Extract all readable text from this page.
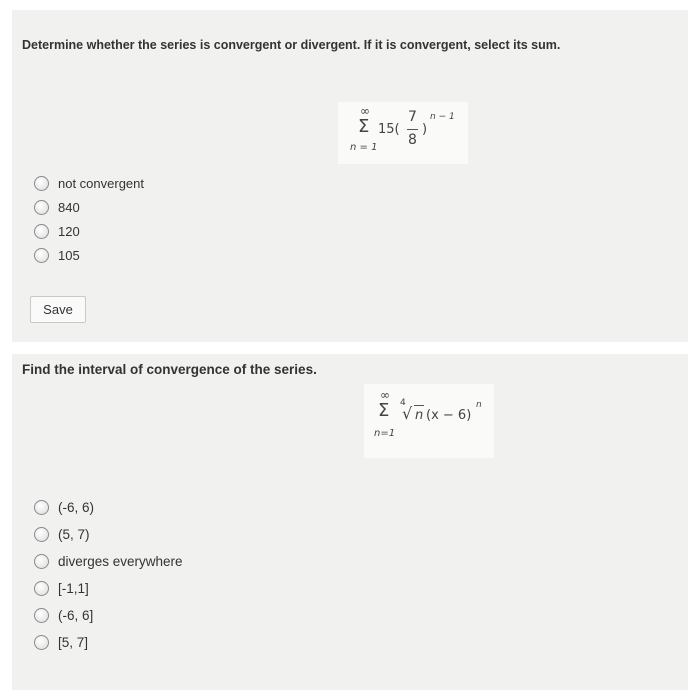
Determine whether the series is convergent or divergent. If it is convergent, select its sum.
∞
Σ
n = 1
15(
7
8
)
n − 1
not convergent
840
120
105
Save
Find the interval of convergence of the series.
∞
Σ
n=1
4
√ n (x − 6)
n
(-6, 6)
(5, 7)
diverges everywhere
[-1,1]
(-6, 6]
[5, 7]
